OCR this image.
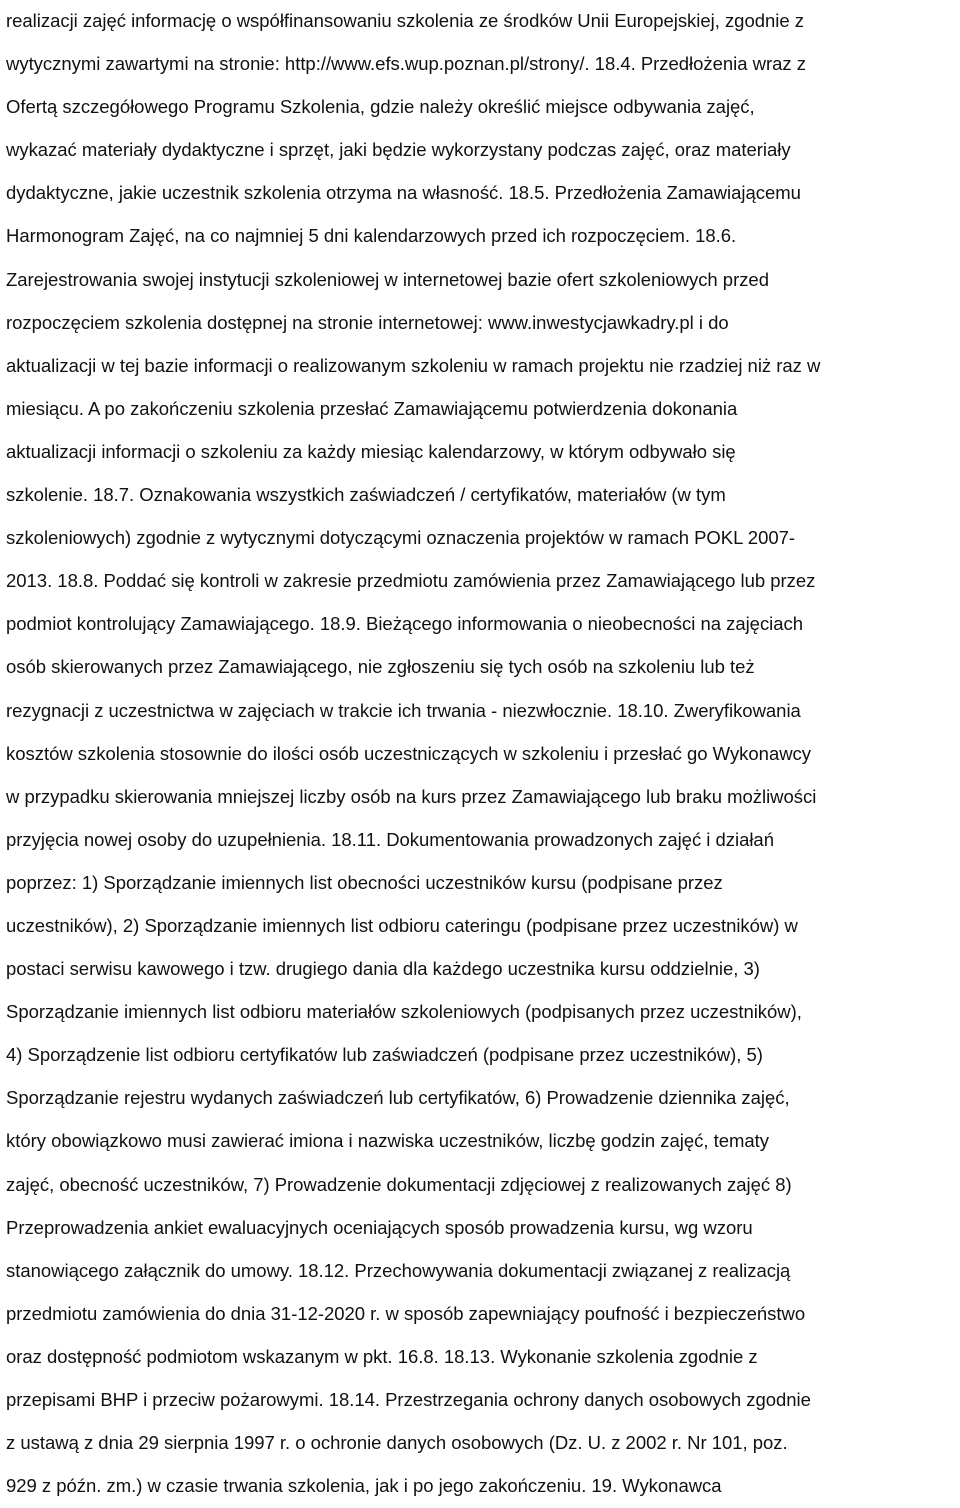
realizacji zajęć informację o współfinansowaniu szkolenia ze środków Unii Europejskiej, zgodnie z
wytycznymi zawartymi na stronie: http://www.efs.wup.poznan.pl/strony/. 18.4. Przedłożenia wraz z
Ofertą szczegółowego Programu Szkolenia, gdzie należy określić miejsce odbywania zajęć,
wykazać materiały dydaktyczne i sprzęt, jaki będzie wykorzystany podczas zajęć, oraz materiały
dydaktyczne, jakie uczestnik szkolenia otrzyma na własność. 18.5. Przedłożenia Zamawiającemu
Harmonogram Zajęć, na co najmniej 5 dni kalendarzowych przed ich rozpoczęciem. 18.6.
Zarejestrowania swojej instytucji szkoleniowej w internetowej bazie ofert szkoleniowych przed
rozpoczęciem szkolenia dostępnej na stronie internetowej: www.inwestycjawkadry.pl i do
aktualizacji w tej bazie informacji o realizowanym szkoleniu w ramach projektu nie rzadziej niż raz w
miesiącu. A po zakończeniu szkolenia przesłać Zamawiającemu potwierdzenia dokonania
aktualizacji informacji o szkoleniu za każdy miesiąc kalendarzowy, w którym odbywało się
szkolenie. 18.7. Oznakowania wszystkich zaświadczeń / certyfikatów, materiałów (w tym
szkoleniowych) zgodnie z wytycznymi dotyczącymi oznaczenia projektów w ramach POKL 2007-
2013. 18.8. Poddać się kontroli w zakresie przedmiotu zamówienia przez Zamawiającego lub przez
podmiot kontrolujący Zamawiającego. 18.9. Bieżącego informowania o nieobecności na zajęciach
osób skierowanych przez Zamawiającego, nie zgłoszeniu się tych osób na szkoleniu lub też
rezygnacji z uczestnictwa w zajęciach w trakcie ich trwania - niezwłocznie. 18.10. Zweryfikowania
kosztów szkolenia stosownie do ilości osób uczestniczących w szkoleniu i przesłać go Wykonawcy
w przypadku skierowania mniejszej liczby osób na kurs przez Zamawiającego lub braku możliwości
przyjęcia nowej osoby do uzupełnienia. 18.11. Dokumentowania prowadzonych zajęć i działań
poprzez: 1) Sporządzanie imiennych list obecności uczestników kursu (podpisane przez
uczestników), 2) Sporządzanie imiennych list odbioru cateringu (podpisane przez uczestników) w
postaci serwisu kawowego i tzw. drugiego dania dla każdego uczestnika kursu oddzielnie, 3)
Sporządzanie imiennych list odbioru materiałów szkoleniowych (podpisanych przez uczestników),
4) Sporządzenie list odbioru certyfikatów lub zaświadczeń (podpisane przez uczestników), 5)
Sporządzanie rejestru wydanych zaświadczeń lub certyfikatów, 6) Prowadzenie dziennika zajęć,
który obowiązkowo musi zawierać imiona i nazwiska uczestników, liczbę godzin zajęć, tematy
zajęć, obecność uczestników, 7) Prowadzenie dokumentacji zdjęciowej z realizowanych zajęć 8)
Przeprowadzenia ankiet ewaluacyjnych oceniających sposób prowadzenia kursu, wg wzoru
stanowiącego załącznik do umowy. 18.12. Przechowywania dokumentacji związanej z realizacją
przedmiotu zamówienia do dnia 31-12-2020 r. w sposób zapewniający poufność i bezpieczeństwo
oraz dostępność podmiotom wskazanym w pkt. 16.8. 18.13. Wykonanie szkolenia zgodnie z
przepisami BHP i przeciw pożarowymi. 18.14. Przestrzegania ochrony danych osobowych zgodnie
z ustawą z dnia 29 sierpnia 1997 r. o ochronie danych osobowych (Dz. U. z 2002 r. Nr 101, poz.
929 z późn. zm.) w czasie trwania szkolenia, jak i po jego zakończeniu. 19. Wykonawca
